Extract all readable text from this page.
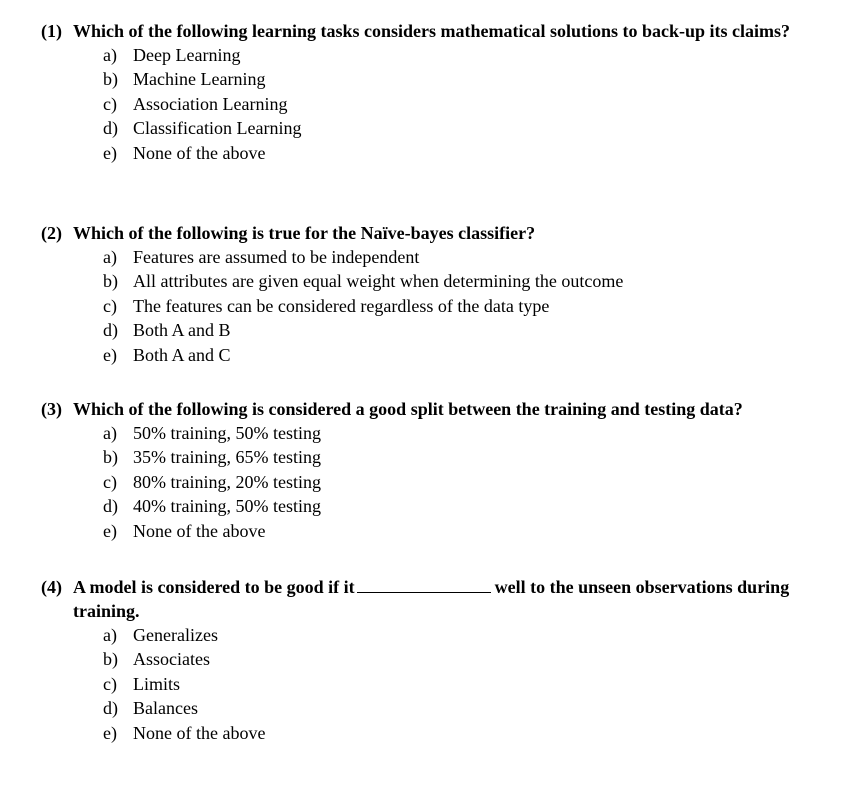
(1) Which of the following learning tasks considers mathematical solutions to back-up its claims?
a) Deep Learning
b) Machine Learning
c) Association Learning
d) Classification Learning
e) None of the above
(2) Which of the following is true for the Naïve-bayes classifier?
a) Features are assumed to be independent
b) All attributes are given equal weight when determining the outcome
c) The features can be considered regardless of the data type
d) Both A and B
e) Both A and C
(3) Which of the following is considered a good split between the training and testing data?
a) 50% training, 50% testing
b) 35% training, 65% testing
c) 80% training, 20% testing
d) 40% training, 50% testing
e) None of the above
(4) A model is considered to be good if it	well to the unseen observations during training.
a) Generalizes
b) Associates
c) Limits
d) Balances
e) None of the above
